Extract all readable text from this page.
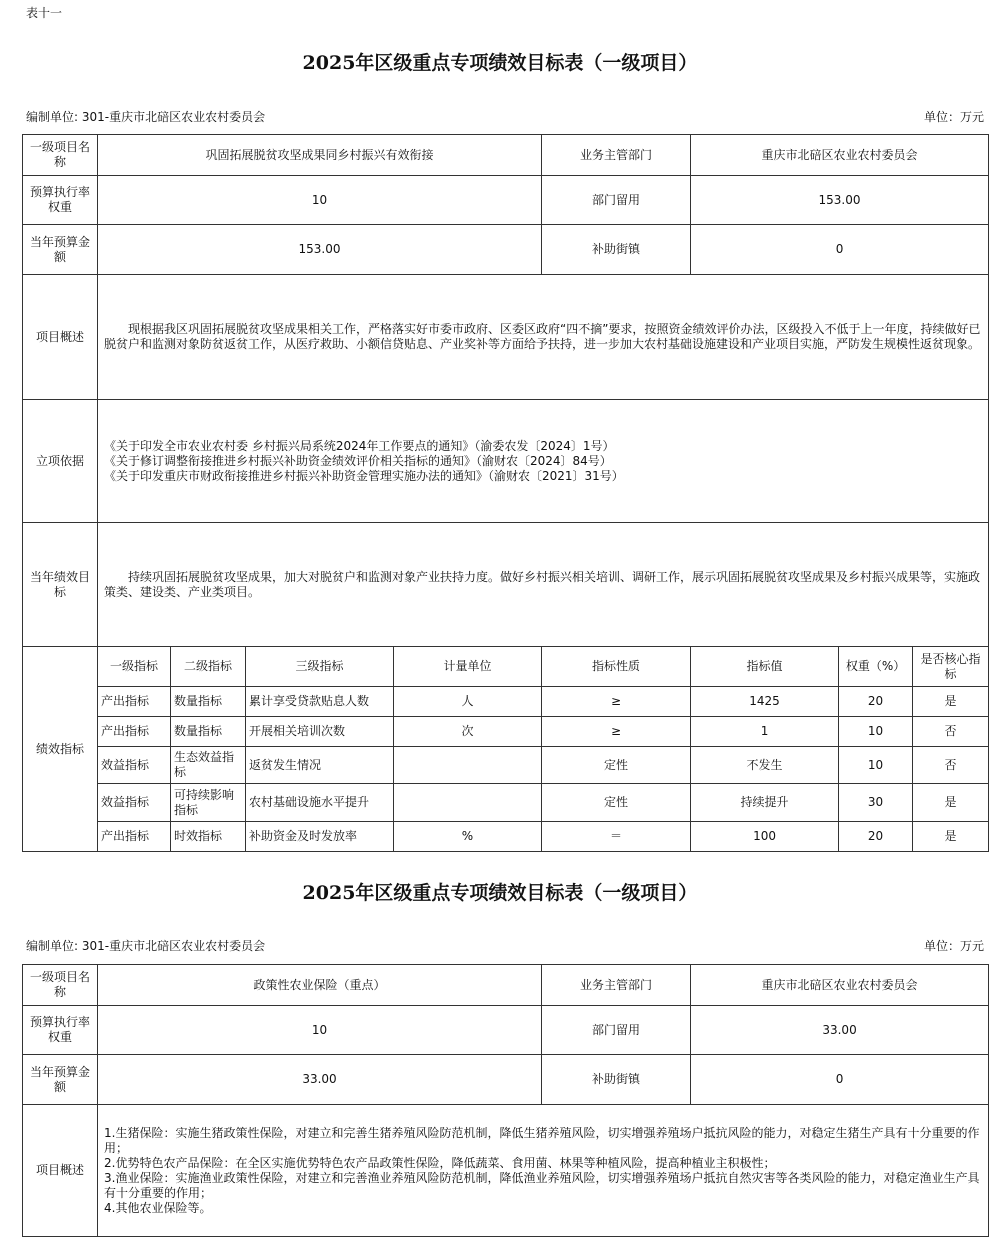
表十一
2025年区级重点专项绩效目标表（一级项目）
编制单位: 301-重庆市北碚区农业农村委员会	单位：万元
一级项目名称	巩固拓展脱贫攻坚成果同乡村振兴有效衔接				业务主管部门	重庆市北碚区农业农村委员会		
预算执行率权重	10				部门留用	153.00		
当年预算金额	153.00				补助街镇	0		
项目概述	现根据我区巩固拓展脱贫攻坚成果相关工作，严格落实好市委市政府、区委区政府“四不摘”要求，按照资金绩效评价办法，区级投入不低于上一年度，持续做好已脱贫户和监测对象防贫返贫工作，从医疗救助、小额信贷贴息、产业奖补等方面给予扶持，进一步加大农村基础设施建设和产业项目实施，严防发生规模性返贫现象。							
立项依据	《关于印发全市农业农村委 乡村振兴局系统2024年工作要点的通知》（渝委农发〔2024〕1号）
《关于修订调整衔接推进乡村振兴补助资金绩效评价相关指标的通知》（渝财农〔2024〕84号）
《关于印发重庆市财政衔接推进乡村振兴补助资金管理实施办法的通知》（渝财农〔2021〕31号）							

当年绩效目标	持续巩固拓展脱贫攻坚成果，加大对脱贫户和监测对象产业扶持力度。做好乡村振兴相关培训、调研工作，展示巩固拓展脱贫攻坚成果及乡村振兴成果等，实施政策类、建设类、产业类项目。							
绩效指标	一级指标	二级指标	三级指标	计量单位	指标性质	指标值	权重（%）	是否核心指标
	产出指标	数量指标	累计享受贷款贴息人数	人	≥	1425	20	是
	产出指标	数量指标	开展相关培训次数	次	≥	1	10	否
	效益指标	生态效益指标	返贫发生情况		定性	不发生	10	否
	效益指标	可持续影响指标	农村基础设施水平提升		定性	持续提升	30	是
	产出指标	时效指标	补助资金及时发放率	%	＝	100	20	是
2025年区级重点专项绩效目标表（一级项目）
编制单位: 301-重庆市北碚区农业农村委员会	单位：万元
一级项目名称	政策性农业保险（重点）	业务主管部门	重庆市北碚区农业农村委员会
预算执行率权重	10	部门留用	33.00
当年预算金额	33.00	补助街镇	0
项目概述	1.生猪保险：实施生猪政策性保险，对建立和完善生猪养殖风险防范机制，降低生猪养殖风险，切实增强养殖场户抵抗风险的能力，对稳定生猪生产具有十分重要的作用；
2.优势特色农产品保险：在全区实施优势特色农产品政策性保险，降低蔬菜、食用菌、林果等种植风险，提高种植业主积极性；
3.渔业保险：实施渔业政策性保险，对建立和完善渔业养殖风险防范机制，降低渔业养殖风险，切实增强养殖场户抵抗自然灾害等各类风险的能力，对稳定渔业生产具有十分重要的作用；
4.其他农业保险等。		
